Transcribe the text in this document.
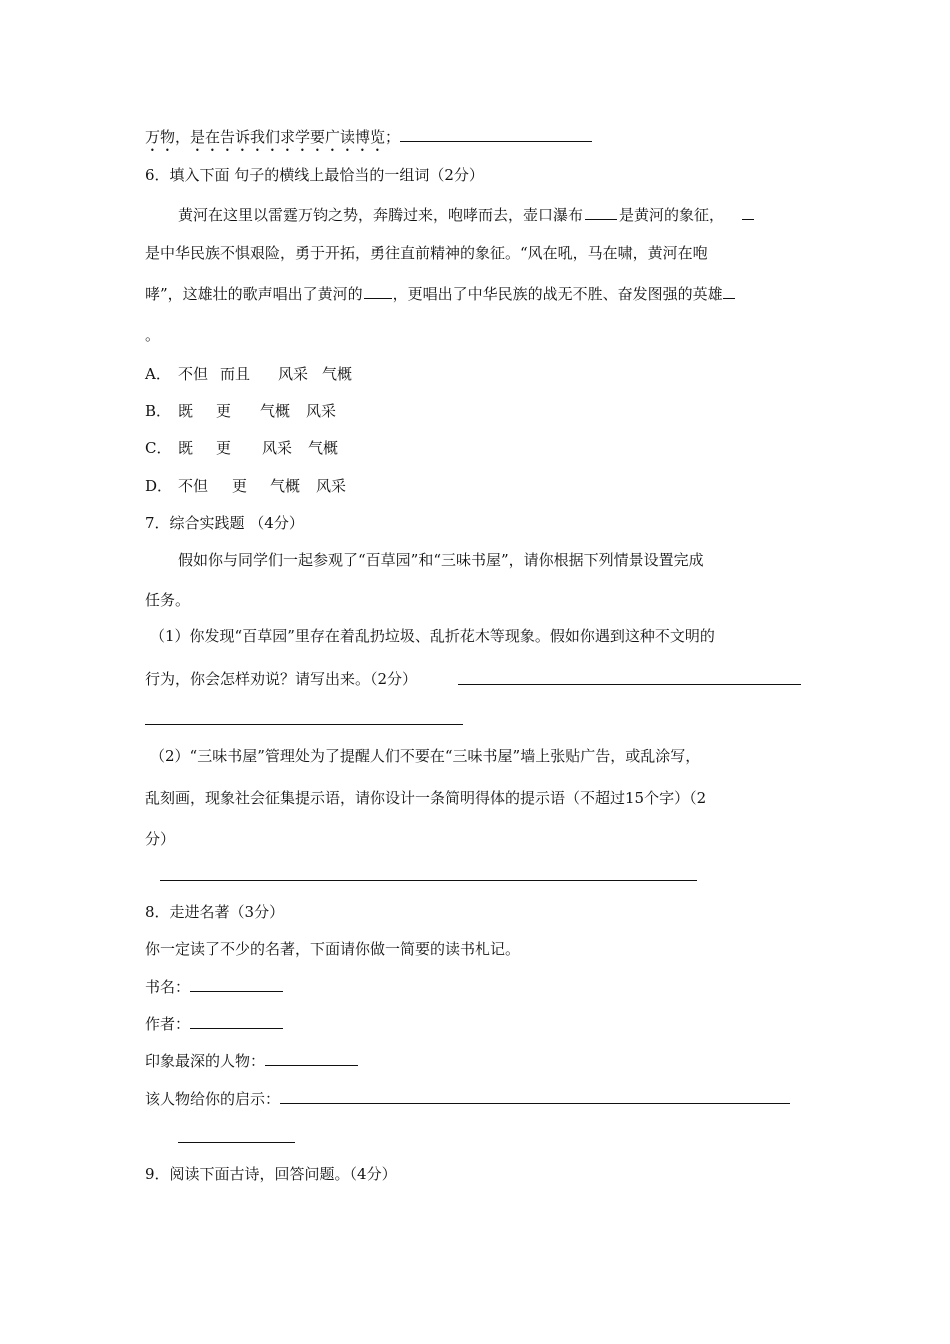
万物，是在告诉我们求学要广读博览；
6．填入下面 句子的横线上最恰当的一组词（2分）
黄河在这里以雷霆万钧之势，奔腾过来，咆哮而去，壶口瀑布 是黄河的象征，
是中华民族不惧艰险，勇于开拓，勇往直前精神的象征。“风在吼，马在啸，黄河在咆
哮”，这雄壮的歌声唱出了黄河的 ，更唱出了中华民族的战无不胜、奋发图强的英雄
。
A． 不但 而且 风采 气概
B． 既 更 气概 风采
C． 既 更 风采 气概
D． 不但 更 气概 风采
7．综合实践题 （4分）
假如你与同学们一起参观了“百草园”和“三味书屋”，请你根据下列情景设置完成
任务。
（1）你发现“百草园”里存在着乱扔垃圾、乱折花木等现象。假如你遇到这种不文明的
行为，你会怎样劝说？请写出来。（2分）
（2）“三味书屋”管理处为了提醒人们不要在“三味书屋”墙上张贴广告，或乱涂写，
乱刻画，现象社会征集提示语，请你设计一条简明得体的提示语（不超过15个字）（2
分）
8．走进名著（3分）
你一定读了不少的名著，下面请你做一简要的读书札记。
书名：
作者：
印象最深的人物：
该人物给你的启示：
9．阅读下面古诗，回答问题。（4分）
